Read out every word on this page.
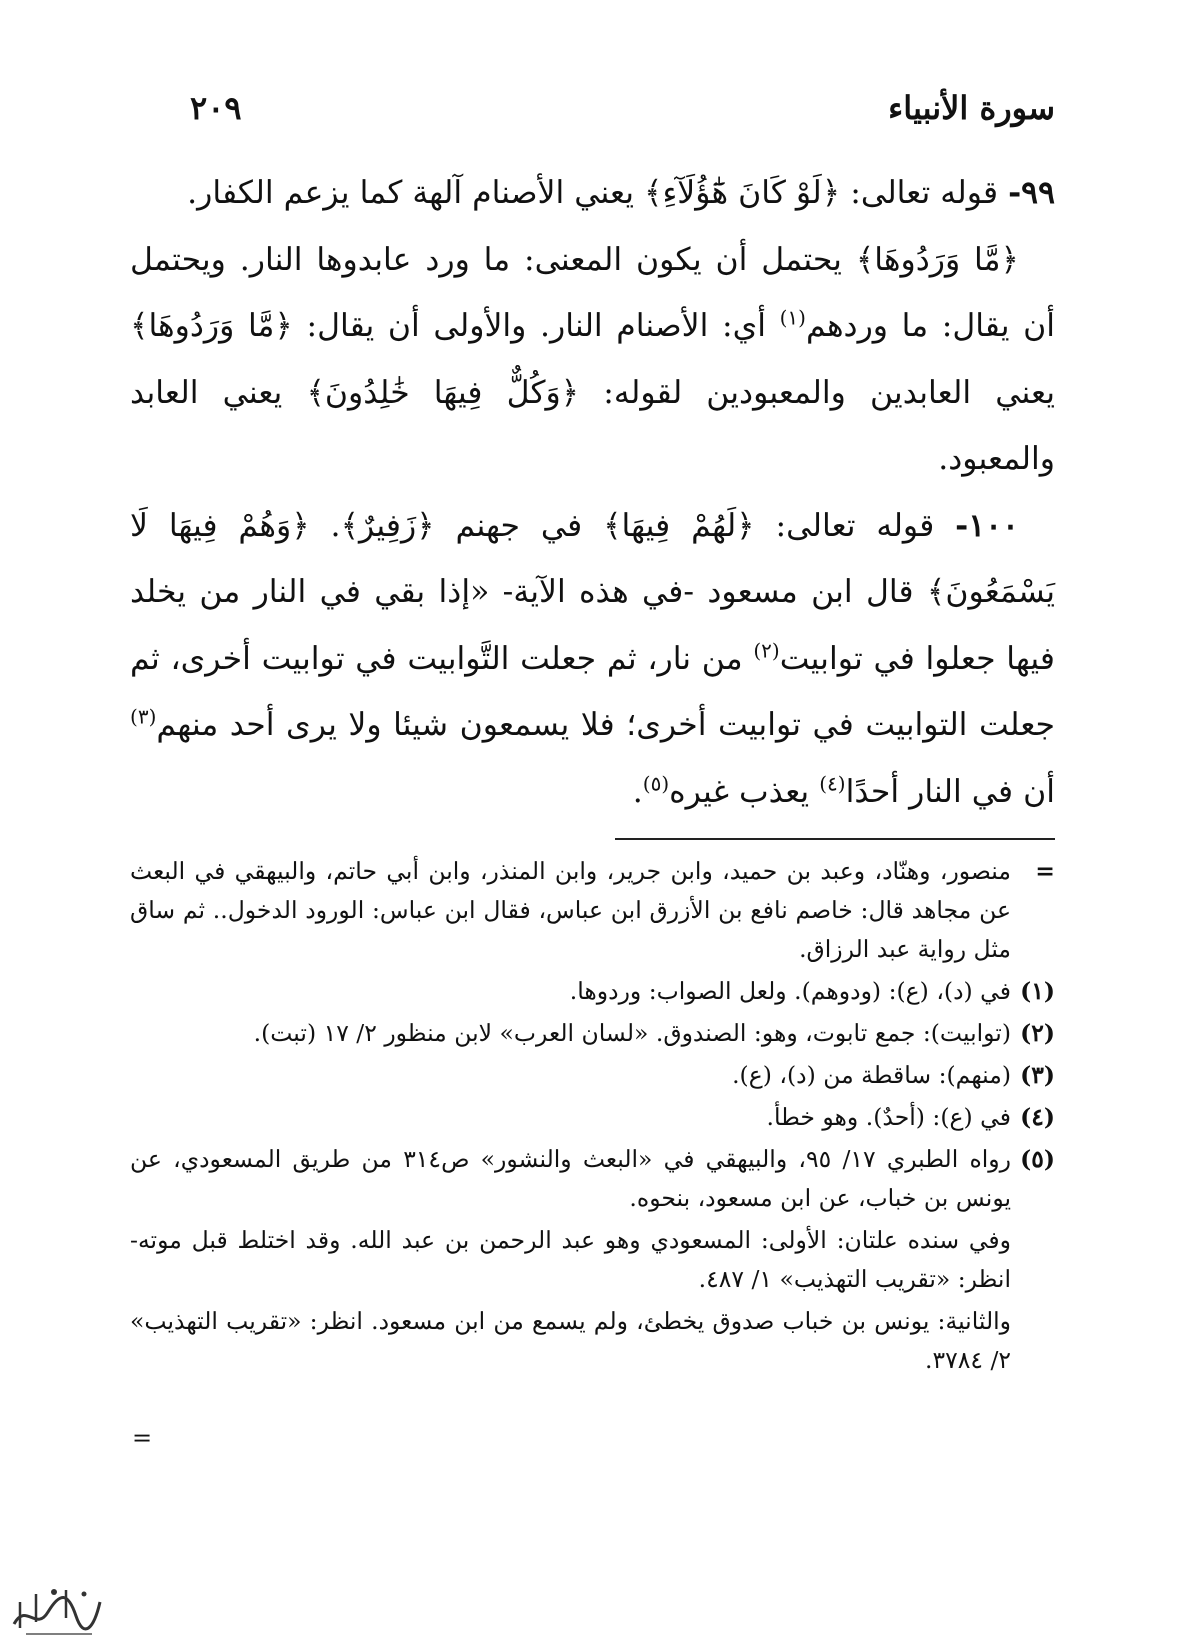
سورة الأنبياء
٢٠٩

٩٩- قوله تعالى: ﴿لَوْ كَانَ هَٰٓؤُلَآءِ﴾ يعني الأصنام آلهة كما يزعم الكفار.

﴿مَّا وَرَدُوهَا﴾ يحتمل أن يكون المعنى: ما ورد عابدوها النار. ويحتمل أن يقال: ما وردهم$^{(١)}$ أي: الأصنام النار. والأولى أن يقال: ﴿مَّا وَرَدُوهَا﴾ يعني العابدين والمعبودين لقوله: ﴿وَكُلٌّ فِيهَا خَٰلِدُونَ﴾ يعني العابد والمعبود.

١٠٠- قوله تعالى: ﴿لَهُمْ فِيهَا﴾ في جهنم ﴿زَفِيرٌ﴾. ﴿وَهُمْ فِيهَا لَا يَسْمَعُونَ﴾ قال ابن مسعود -في هذه الآية- «إذا بقي في النار من يخلد فيها جعلوا في توابيت$^{(٢)}$ من نار، ثم جعلت التَّوابيت في توابيت أخرى، ثم جعلت التوابيت في توابيت أخرى؛ فلا يسمعون شيئا ولا يرى أحد منهم$^{(٣)}$ أن في النار أحدًا$^{(٤)}$ يعذب غيره$^{(٥)}$.

=
منصور، وهنّاد، وعبد بن حميد، وابن جرير، وابن المنذر، وابن أبي حاتم، والبيهقي في البعث عن مجاهد قال: خاصم نافع بن الأزرق ابن عباس، فقال ابن عباس: الورود الدخول.. ثم ساق مثل رواية عبد الرزاق.
(١)
في (د)، (ع): (ودوهم). ولعل الصواب: وردوها.
(٢)
(توابيت): جمع تابوت، وهو: الصندوق. «لسان العرب» لابن منظور ٢/ ١٧ (تبت).
(٣)
(منهم): ساقطة من (د)، (ع).
(٤)
في (ع): (أحدٌ). وهو خطأ.
(٥)
رواه الطبري ١٧/ ٩٥، والبيهقي في «البعث والنشور» ص٣١٤ من طريق المسعودي، عن يونس بن خباب، عن ابن مسعود، بنحوه.
وفي سنده علتان: الأولى: المسعودي وهو عبد الرحمن بن عبد الله. وقد اختلط قبل موته- انظر: «تقريب التهذيب» ١/ ٤٨٧.
والثانية: يونس بن خباب صدوق يخطئ، ولم يسمع من ابن مسعود. انظر: «تقريب التهذيب» ٢/ ٣٧٨٤.
=
